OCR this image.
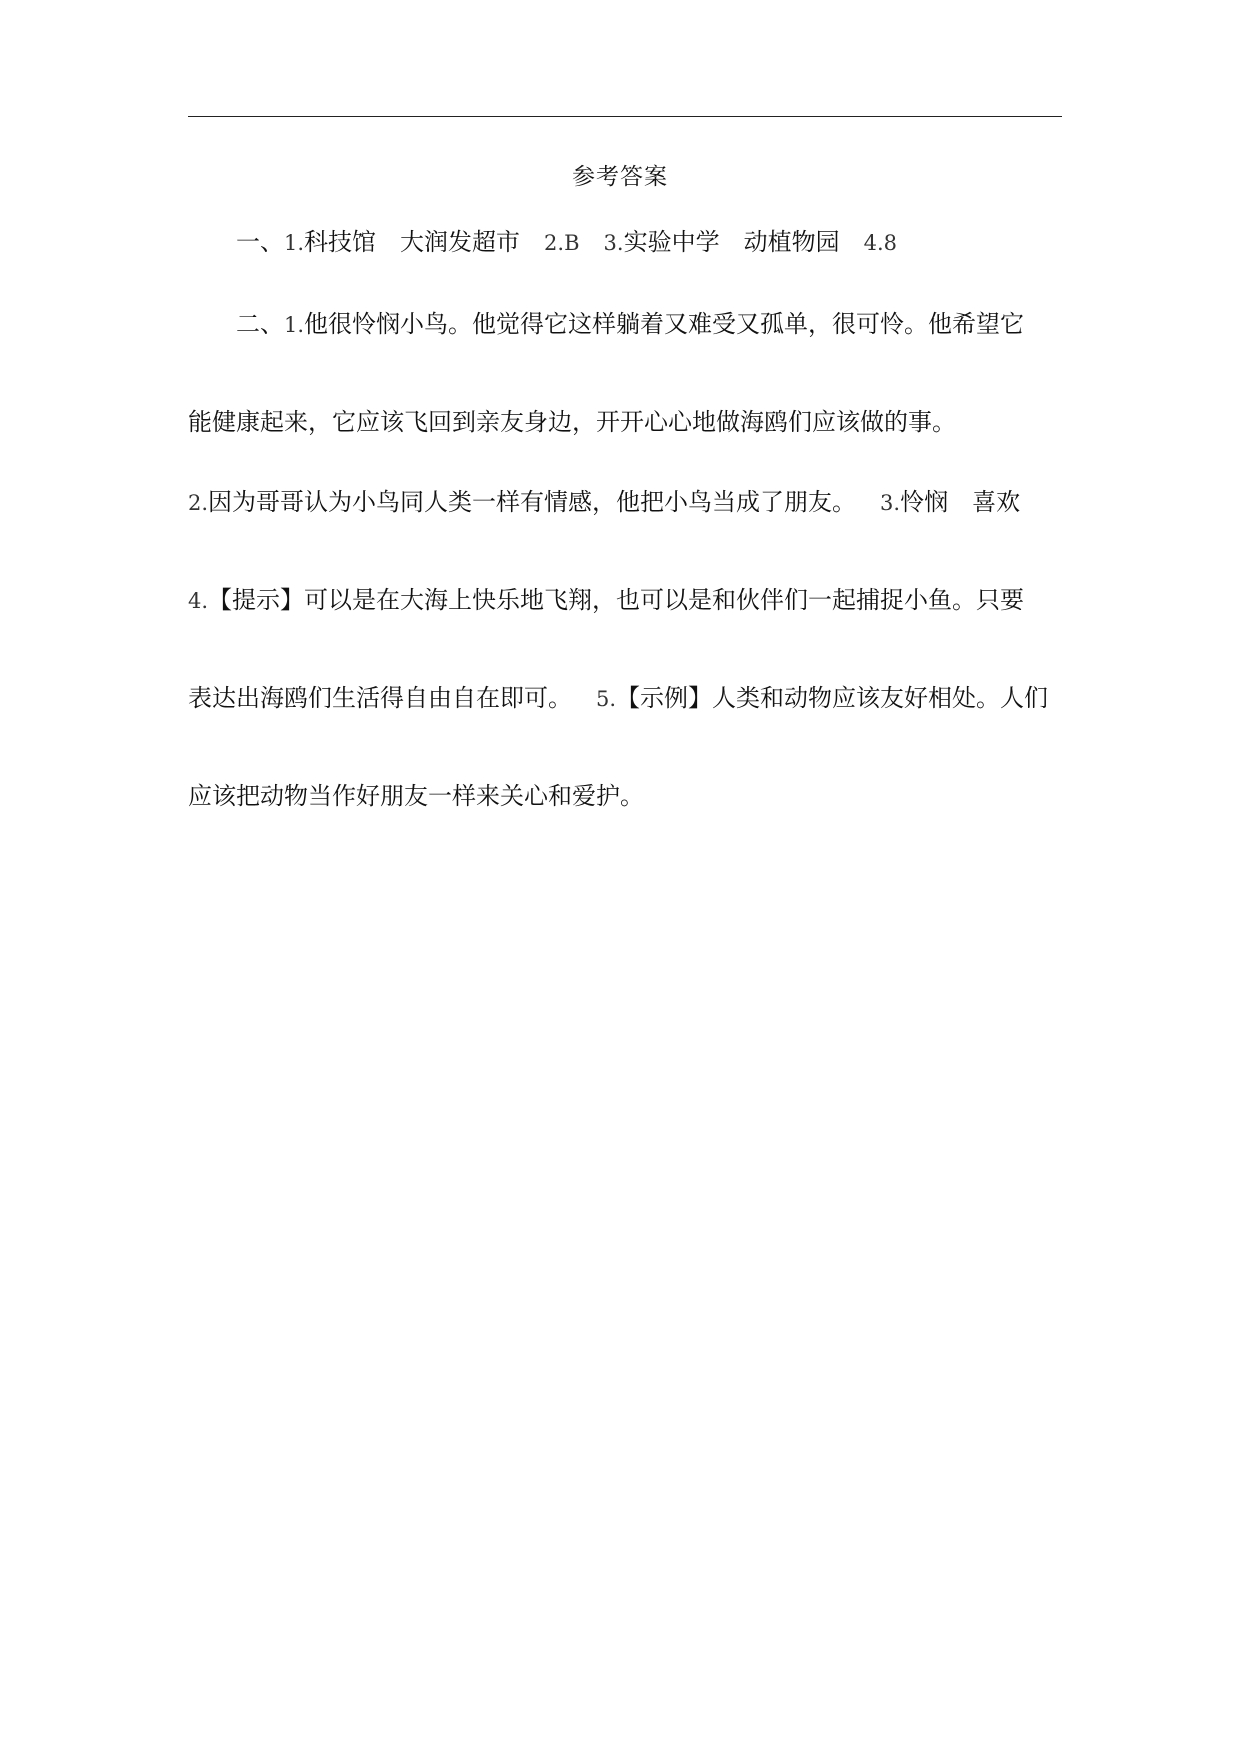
参考答案
一、1.科技馆 大润发超市 2.B 3.实验中学 动植物园 4.8
二、1.他很怜悯小鸟。他觉得它这样躺着又难受又孤单，很可怜。他希望它
能健康起来，它应该飞回到亲友身边，开开心心地做海鸥们应该做的事。
2.因为哥哥认为小鸟同人类一样有情感，他把小鸟当成了朋友。 3.怜悯 喜欢
4.【提示】可以是在大海上快乐地飞翔，也可以是和伙伴们一起捕捉小鱼。只要
表达出海鸥们生活得自由自在即可。 5.【示例】人类和动物应该友好相处。人们
应该把动物当作好朋友一样来关心和爱护。
